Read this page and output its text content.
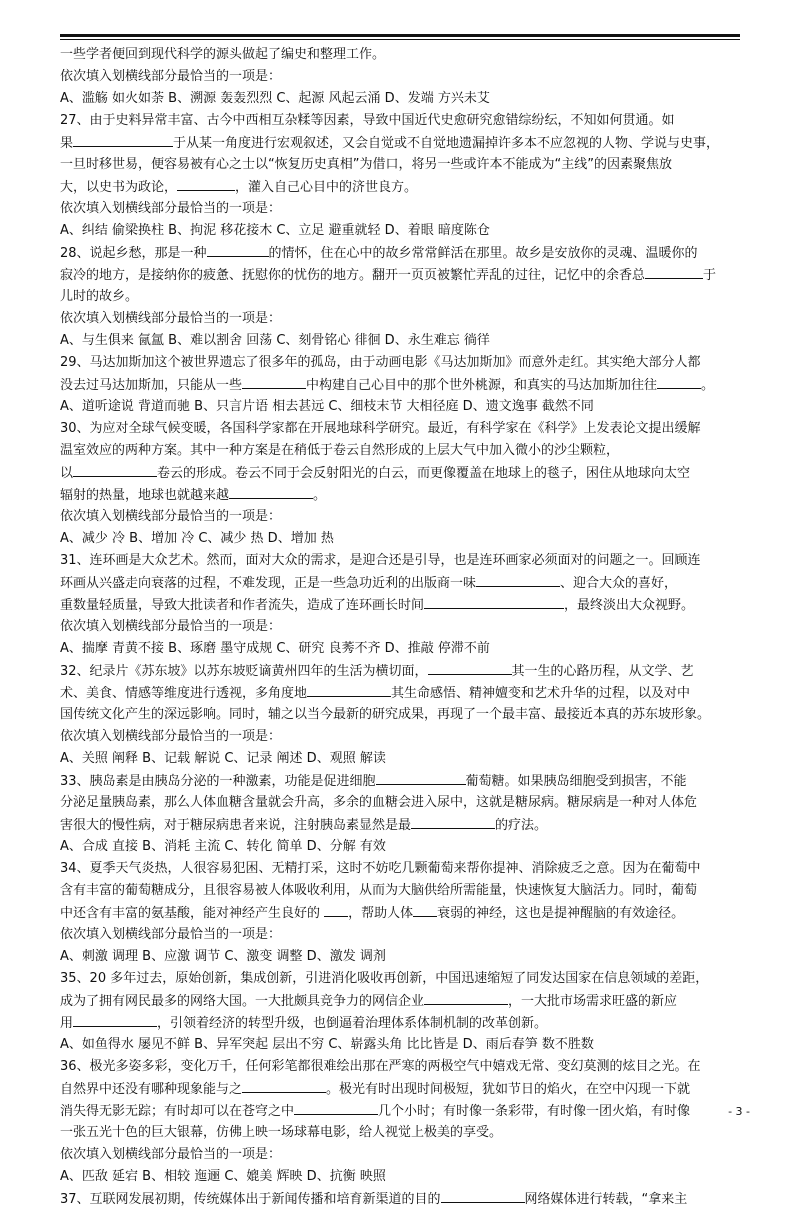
一些学者便回到现代科学的源头做起了编史和整理工作。
依次填入划横线部分最恰当的一项是：
A、滥觞 如火如荼 B、溯源 轰轰烈烈 C、起源 风起云涌 D、发端 方兴未艾
27、由于史料异常丰富、古今中西相互杂糅等因素，导致中国近代史愈研究愈错综纷纭，不知如何贯通。如
果	于从某一角度进行宏观叙述，又会自觉或不自觉地遗漏掉许多本不应忽视的人物、学说与史事，
一旦时移世易，便容易被有心之士以“恢复历史真相”为借口，将另一些或许本不能成为“主线”的因素聚焦放
大，以史书为政论，	，灌入自己心目中的济世良方。
依次填入划横线部分最恰当的一项是：
A、纠结 偷梁换柱 B、拘泥 移花接木 C、立足 避重就轻 D、着眼 暗度陈仓
28、说起乡愁，那是一种	的情怀，住在心中的故乡常常鲜活在那里。故乡是安放你的灵魂、温暖你的
寂冷的地方，是接纳你的疲惫、抚慰你的忧伤的地方。翻开一页页被繁忙弄乱的过往，记忆中的余香总	于
儿时的故乡。
依次填入划横线部分最恰当的一项是：
A、与生俱来 氤氲 B、难以割舍 回荡 C、刻骨铭心 徘徊 D、永生难忘 徜徉
29、马达加斯加这个被世界遗忘了很多年的孤岛，由于动画电影《马达加斯加》而意外走红。其实绝大部分人都
没去过马达加斯加，只能从一些	中构建自己心目中的那个世外桃源，和真实的马达加斯加往往	。
A、道听途说 背道而驰 B、只言片语 相去甚远 C、细枝末节 大相径庭 D、遗文逸事 截然不同
30、为应对全球气候变暖，各国科学家都在开展地球科学研究。最近，有科学家在《科学》上发表论文提出缓解
温室效应的两种方案。其中一种方案是在稍低于卷云自然形成的上层大气中加入微小的沙尘颗粒，
以	卷云的形成。卷云不同于会反射阳光的白云，而更像覆盖在地球上的毯子，困住从地球向太空
辐射的热量，地球也就越来越	。
依次填入划横线部分最恰当的一项是：
A、减少 冷 B、增加 冷 C、减少 热 D、增加 热
31、连环画是大众艺术。然而，面对大众的需求，是迎合还是引导，也是连环画家必须面对的问题之一。回顾连
环画从兴盛走向衰落的过程，不难发现，正是一些急功近利的出版商一味	、迎合大众的喜好，
重数量轻质量，导致大批读者和作者流失，造成了连环画长时间	，最终淡出大众视野。
依次填入划横线部分最恰当的一项是：
A、揣摩 青黄不接 B、琢磨 墨守成规 C、研究 良莠不齐 D、推敲 停滞不前
32、纪录片《苏东坡》以苏东坡贬谪黄州四年的生活为横切面，	其一生的心路历程，从文学、艺
术、美食、情感等维度进行透视，多角度地	其生命感悟、精神嬗变和艺术升华的过程，以及对中
国传统文化产生的深远影响。同时，辅之以当今最新的研究成果，再现了一个最丰富、最接近本真的苏东坡形象。
依次填入划横线部分最恰当的一项是：
A、关照 阐释 B、记载 解说 C、记录 阐述 D、观照 解读
33、胰岛素是由胰岛分泌的一种激素，功能是促进细胞	葡萄糖。如果胰岛细胞受到损害，不能
分泌足量胰岛素，那么人体血糖含量就会升高，多余的血糖会进入尿中，这就是糖尿病。糖尿病是一种对人体危
害很大的慢性病，对于糖尿病患者来说，注射胰岛素显然是最	的疗法。
A、合成 直接 B、消耗 主流 C、转化 简单 D、分解 有效
34、夏季天气炎热，人很容易犯困、无精打采，这时不妨吃几颗葡萄来帮你提神、消除疲乏之意。因为在葡萄中
含有丰富的葡萄糖成分，且很容易被人体吸收利用，从而为大脑供给所需能量，快速恢复大脑活力。同时，葡萄
中还含有丰富的氨基酸，能对神经产生良好的 ，帮助人体 衰弱的神经，这也是提神醒脑的有效途径。
依次填入划横线部分最恰当的一项是：
A、刺激 调理 B、应激 调节 C、激变 调整 D、激发 调剂
35、20 多年过去，原始创新，集成创新，引进消化吸收再创新，中国迅速缩短了同发达国家在信息领域的差距，
成为了拥有网民最多的网络大国。一大批颇具竞争力的网信企业	，一大批市场需求旺盛的新应
用	，引领着经济的转型升级，也倒逼着治理体系体制机制的改革创新。
A、如鱼得水 屡见不鲜 B、异军突起 层出不穷 C、崭露头角 比比皆是 D、雨后春笋 数不胜数
36、极光多姿多彩，变化万千，任何彩笔都很难绘出那在严寒的两极空气中嬉戏无常、变幻莫测的炫目之光。在
自然界中还没有哪种现象能与之	。极光有时出现时间极短，犹如节日的焰火，在空中闪现一下就
消失得无影无踪；有时却可以在苍穹之中	几个小时；有时像一条彩带，有时像一团火焰，有时像
一张五光十色的巨大银幕，仿佛上映一场球幕电影，给人视觉上极美的享受。
依次填入划横线部分最恰当的一项是：
A、匹敌 延宕 B、相较 迤逦 C、媲美 辉映 D、抗衡 映照
37、互联网发展初期，传统媒体出于新闻传播和培育新渠道的目的	网络媒体进行转载，“拿来主
- 3 -
